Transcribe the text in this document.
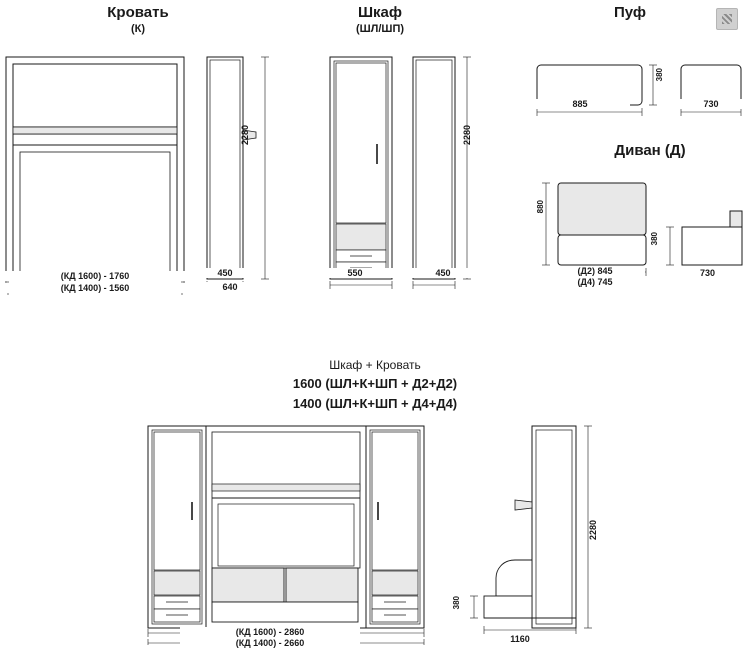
Кровать
(К)
Шкаф
(ШЛ/ШП)
Пуф
Диван (Д)
(КД 1600) - 1760
(КД 1400) - 1560
450
640
2280
550	450
2280
885
380
730
880
(Д2) 845
(Д4) 745
380
730
Шкаф + Кровать
1600 (ШЛ+К+ШП + Д2+Д2)
1400 (ШЛ+К+ШП + Д4+Д4)
(КД 1600) - 2860
(КД 1400) - 2660
2280
380
1160
